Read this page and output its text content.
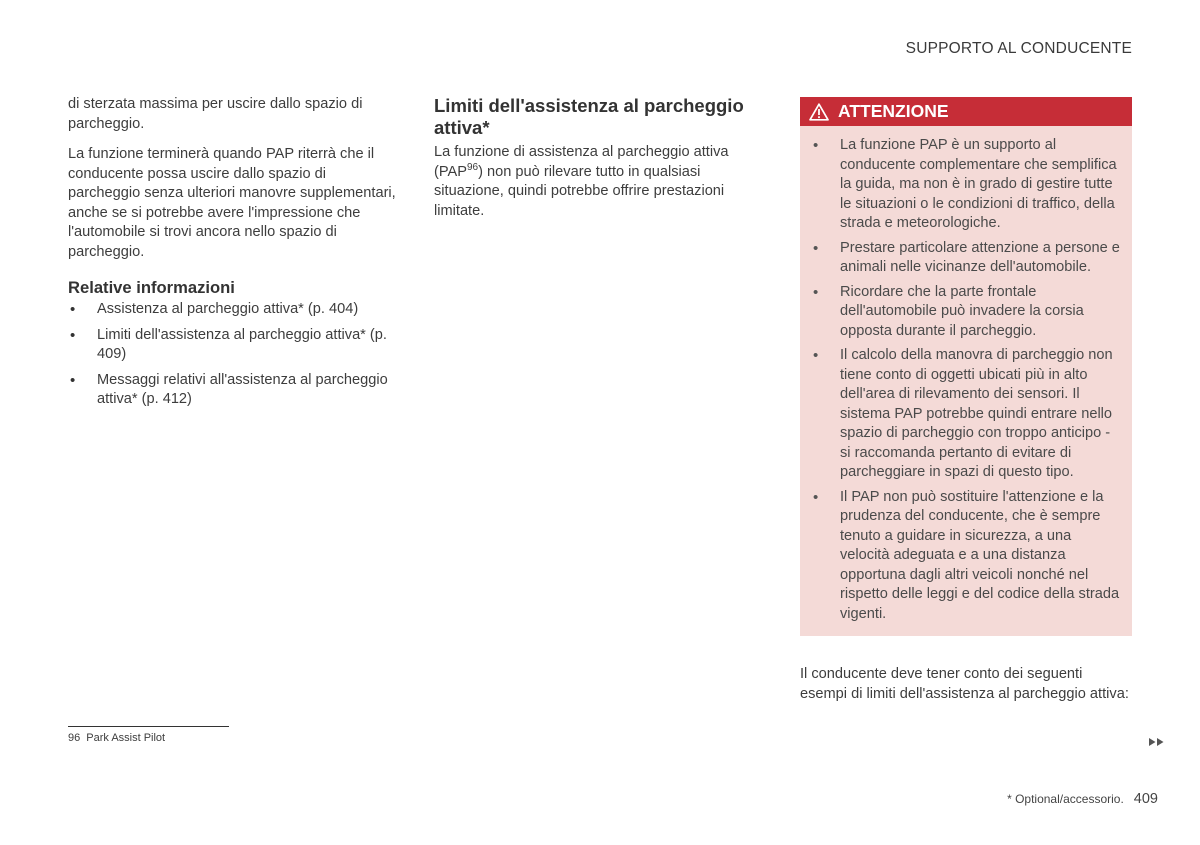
SUPPORTO AL CONDUCENTE

di sterzata massima per uscire dallo spazio di parcheggio.

La funzione terminerà quando PAP riterrà che il conducente possa uscire dallo spazio di parcheggio senza ulteriori manovre supplementari, anche se si potrebbe avere l'impressione che l'automobile si trovi ancora nello spazio di parcheggio.

Relative informazioni
• Assistenza al parcheggio attiva* (p. 404)
• Limiti dell'assistenza al parcheggio attiva* (p. 409)
• Messaggi relativi all'assistenza al parcheggio attiva* (p. 412)
Limiti dell'assistenza al parcheggio attiva*

La funzione di assistenza al parcheggio attiva (PAP$^{96}$) non può rilevare tutto in qualsiasi situazione, quindi potrebbe offrire prestazioni limitate.

ATTENZIONE
• La funzione PAP è un supporto al conducente complementare che semplifica la guida, ma non è in grado di gestire tutte le situazioni o le condizioni di traffico, della strada e meteorologiche.
• Prestare particolare attenzione a persone e animali nelle vicinanze dell'automobile.
• Ricordare che la parte frontale dell'automobile può invadere la corsia opposta durante il parcheggio.
• Il calcolo della manovra di parcheggio non tiene conto di oggetti ubicati più in alto dell'area di rilevamento dei sensori. Il sistema PAP potrebbe quindi entrare nello spazio di parcheggio con troppo anticipo - si raccomanda pertanto di evitare di parcheggiare in spazi di questo tipo.
• Il PAP non può sostituire l'attenzione e la prudenza del conducente, che è sempre tenuto a guidare in sicurezza, a una velocità adeguata e a una distanza opportuna dagli altri veicoli nonché nel rispetto delle leggi e del codice della strada vigenti.

Il conducente deve tener conto dei seguenti esempi di limiti dell'assistenza al parcheggio attiva:

96 Park Assist Pilot
* Optional/accessorio. 409
